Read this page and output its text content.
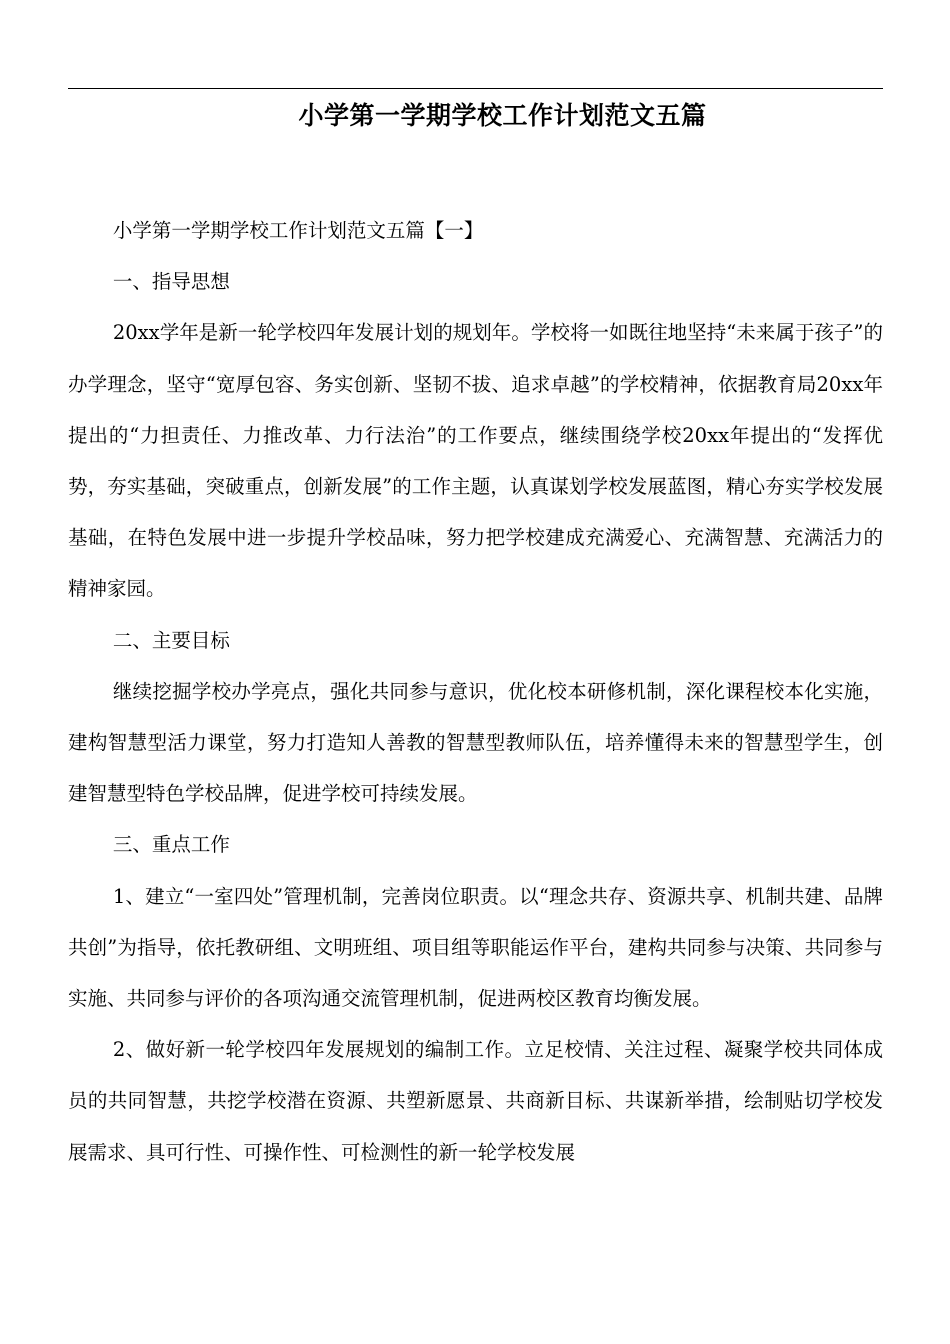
小学第一学期学校工作计划范文五篇

小学第一学期学校工作计划范文五篇【一】

一、指导思想

20xx学年是新一轮学校四年发展计划的规划年。学校将一如既往地坚持“未来属于孩子”的办学理念，坚守“宽厚包容、务实创新、坚韧不拔、追求卓越”的学校精神，依据教育局20xx年提出的“力担责任、力推改革、力行法治”的工作要点，继续围绕学校20xx年提出的“发挥优势，夯实基础，突破重点，创新发展”的工作主题，认真谋划学校发展蓝图，精心夯实学校发展基础，在特色发展中进一步提升学校品味，努力把学校建成充满爱心、充满智慧、充满活力的精神家园。

二、主要目标

继续挖掘学校办学亮点，强化共同参与意识，优化校本研修机制，深化课程校本化实施，建构智慧型活力课堂，努力打造知人善教的智慧型教师队伍，培养懂得未来的智慧型学生，创建智慧型特色学校品牌，促进学校可持续发展。

三、重点工作

1、建立“一室四处”管理机制，完善岗位职责。以“理念共存、资源共享、机制共建、品牌共创”为指导，依托教研组、文明班组、项目组等职能运作平台，建构共同参与决策、共同参与实施、共同参与评价的各项沟通交流管理机制，促进两校区教育均衡发展。

2、做好新一轮学校四年发展规划的编制工作。立足校情、关注过程、凝聚学校共同体成员的共同智慧，共挖学校潜在资源、共塑新愿景、共商新目标、共谋新举措，绘制贴切学校发展需求、具可行性、可操作性、可检测性的新一轮学校发展
